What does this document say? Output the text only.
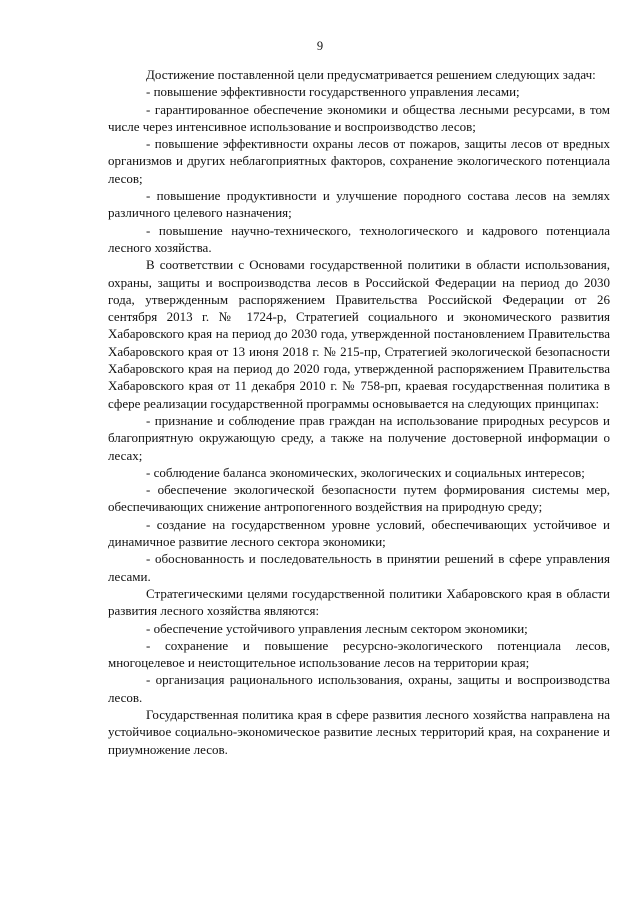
9

Достижение поставленной цели предусматривается решением следующих задач:

- повышение эффективности государственного управления лесами;

- гарантированное обеспечение экономики и общества лесными ресурсами, в том числе через интенсивное использование и воспроизводство лесов;

- повышение эффективности охраны лесов от пожаров, защиты лесов от вредных организмов и других неблагоприятных факторов, сохранение экологического потенциала лесов;

- повышение продуктивности и улучшение породного состава лесов на землях различного целевого назначения;

- повышение научно-технического, технологического и кадрового потенциала лесного хозяйства.

В соответствии с Основами государственной политики в области использования, охраны, защиты и воспроизводства лесов в Российской Федерации на период до 2030 года, утвержденным распоряжением Правительства Российской Федерации от 26 сентября 2013 г. № 1724-р, Стратегией социального и экономического развития Хабаровского края на период до 2030 года, утвержденной постановлением Правительства Хабаровского края от 13 июня 2018 г. № 215-пр, Стратегией экологической безопасности Хабаровского края на период до 2020 года, утвержденной распоряжением Правительства Хабаровского края от 11 декабря 2010 г. № 758-рп, краевая государственная политика в сфере реализации государственной программы основывается на следующих принципах:

- признание и соблюдение прав граждан на использование природных ресурсов и благоприятную окружающую среду, а также на получение достоверной информации о лесах;

- соблюдение баланса экономических, экологических и социальных интересов;

- обеспечение экологической безопасности путем формирования системы мер, обеспечивающих снижение антропогенного воздействия на природную среду;

- создание на государственном уровне условий, обеспечивающих устойчивое и динамичное развитие лесного сектора экономики;

- обоснованность и последовательность в принятии решений в сфере управления лесами.

Стратегическими целями государственной политики Хабаровского края в области развития лесного хозяйства являются:

- обеспечение устойчивого управления лесным сектором экономики;

- сохранение и повышение ресурсно-экологического потенциала лесов, многоцелевое и неистощительное использование лесов на территории края;

- организация рационального использования, охраны, защиты и воспроизводства лесов.

Государственная политика края в сфере развития лесного хозяйства направлена на устойчивое социально-экономическое развитие лесных территорий края, на сохранение и приумножение лесов.
